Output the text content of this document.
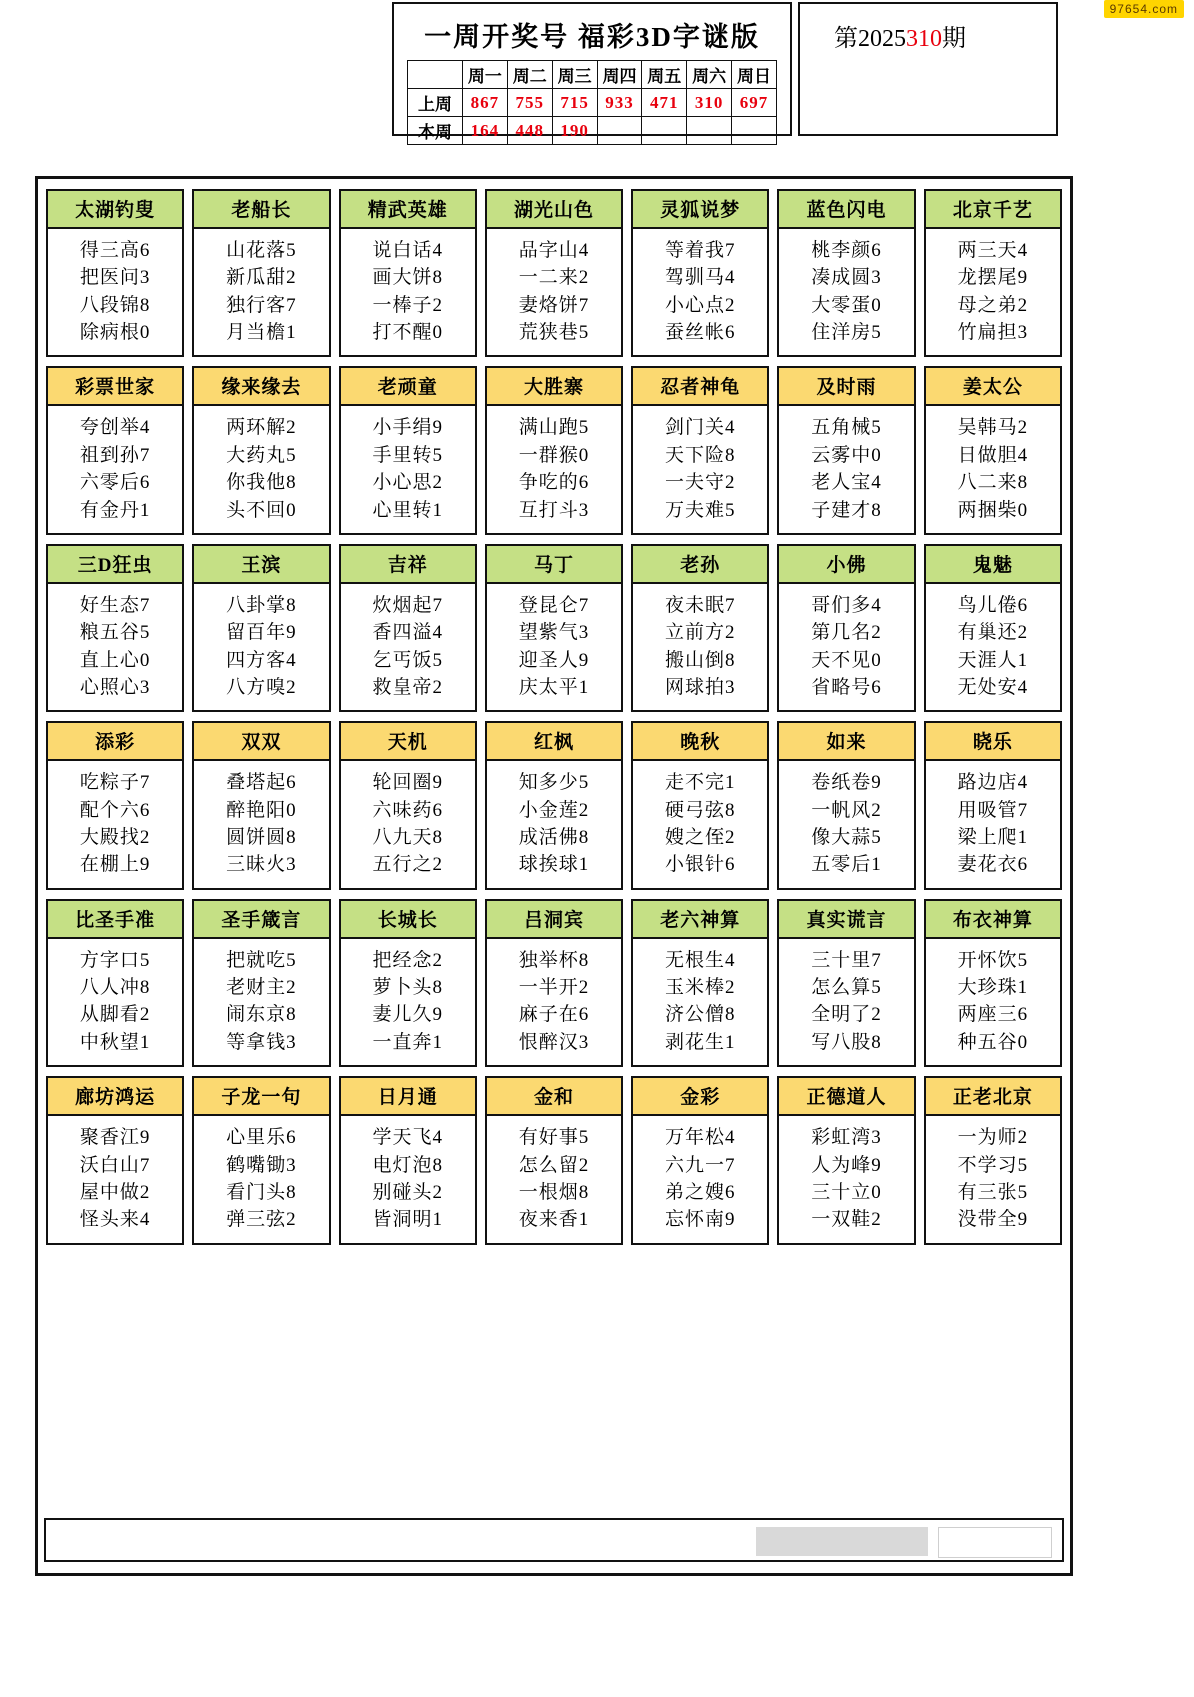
97654.com
一周开奖号 福彩3D字谜版
	周一	周二	周三	周四	周五	周六	周日
上周	867	755	715	933	471	310	697
本周	164	448	190				
第2025310期
太湖钓叟
得三高6
把医问3
八段锦8
除病根0
老船长
山花落5
新瓜甜2
独行客7
月当檐1
精武英雄
说白话4
画大饼8
一棒子2
打不醒0
湖光山色
品字山4
一二来2
妻烙饼7
荒狭巷5
灵狐说梦
等着我7
驾驯马4
小心点2
蚕丝帐6
蓝色闪电
桃李颜6
凑成圆3
大零蛋0
住洋房5
北京千艺
两三天4
龙摆尾9
母之弟2
竹扁担3
彩票世家
夸创举4
祖到孙7
六零后6
有金丹1
缘来缘去
两环解2
大药丸5
你我他8
头不回0
老顽童
小手绢9
手里转5
小心思2
心里转1
大胜寨
满山跑5
一群猴0
争吃的6
互打斗3
忍者神龟
剑门关4
天下险8
一夫守2
万夫难5
及时雨
五角械5
云雾中0
老人宝4
子建才8
姜太公
吴韩马2
日做胆4
八二来8
两捆柴0
三D狂虫
好生态7
粮五谷5
直上心0
心照心3
王滨
八卦掌8
留百年9
四方客4
八方嗅2
吉祥
炊烟起7
香四溢4
乞丐饭5
救皇帝2
马丁
登昆仑7
望紫气3
迎圣人9
庆太平1
老孙
夜未眠7
立前方2
搬山倒8
网球拍3
小佛
哥们多4
第几名2
天不见0
省略号6
鬼魅
鸟儿倦6
有巢还2
天涯人1
无处安4
添彩
吃粽子7
配个六6
大殿找2
在棚上9
双双
叠塔起6
醉艳阳0
圆饼圆8
三昧火3
天机
轮回圈9
六味药6
八九天8
五行之2
红枫
知多少5
小金莲2
成活佛8
球挨球1
晚秋
走不完1
硬弓弦8
嫂之侄2
小银针6
如来
卷纸卷9
一帆风2
像大蒜5
五零后1
晓乐
路边店4
用吸管7
梁上爬1
妻花衣6
比圣手准
方字口5
八人冲8
从脚看2
中秋望1
圣手箴言
把就吃5
老财主2
闹东京8
等拿钱3
长城长
把经念2
萝卜头8
妻儿久9
一直奔1
吕洞宾
独举杯8
一半开2
麻子在6
恨醉汉3
老六神算
无根生4
玉米棒2
济公僧8
剥花生1
真实谎言
三十里7
怎么算5
全明了2
写八股8
布衣神算
开怀饮5
大珍珠1
两座三6
种五谷0
廊坊鸿运
聚香江9
沃白山7
屋中做2
怪头来4
子龙一句
心里乐6
鹤嘴锄3
看门头8
弹三弦2
日月通
学天飞4
电灯泡8
别碰头2
皆洞明1
金和
有好事5
怎么留2
一根烟8
夜来香1
金彩
万年松4
六九一7
弟之嫂6
忘怀南9
正德道人
彩虹湾3
人为峰9
三十立0
一双鞋2
正老北京
一为师2
不学习5
有三张5
没带全9
